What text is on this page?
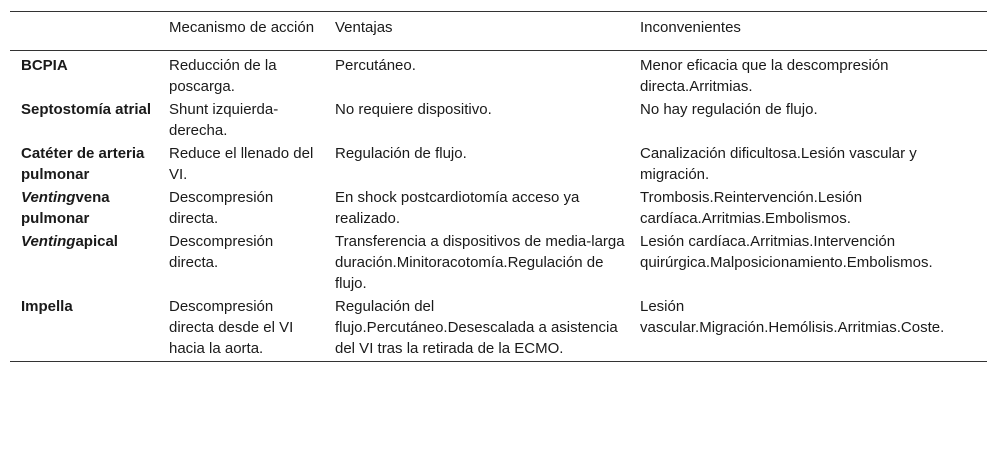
	Mecanismo de acción	Ventajas	Inconvenientes
BCPIA	Reducción de la poscarga.	Percutáneo.	Menor eficacia que la descompresión directa.Arritmias.
Septostomía atrial	Shunt izquierda-derecha.	No requiere dispositivo.	No hay regulación de flujo.
Catéter de arteria pulmonar	Reduce el llenado del VI.	Regulación de flujo.	Canalización dificultosa.Lesión vascular y migración.
Ventingvena pulmonar	Descompresión directa.	En shock postcardiotomía acceso ya realizado.	Trombosis.Reintervención.Lesión cardíaca.Arritmias.Embolismos.
Ventingapical	Descompresión directa.	Transferencia a dispositivos de media-larga duración.Minitoracotomía.Regulación de flujo.	Lesión cardíaca.Arritmias.Intervención quirúrgica.Malposicionamiento.Embolismos.
Impella	Descompresión directa desde el VI hacia la aorta.	Regulación del flujo.Percutáneo.Desescalada a asistencia del VI tras la retirada de la ECMO.	Lesión vascular.Migración.Hemólisis.Arritmias.Coste.
